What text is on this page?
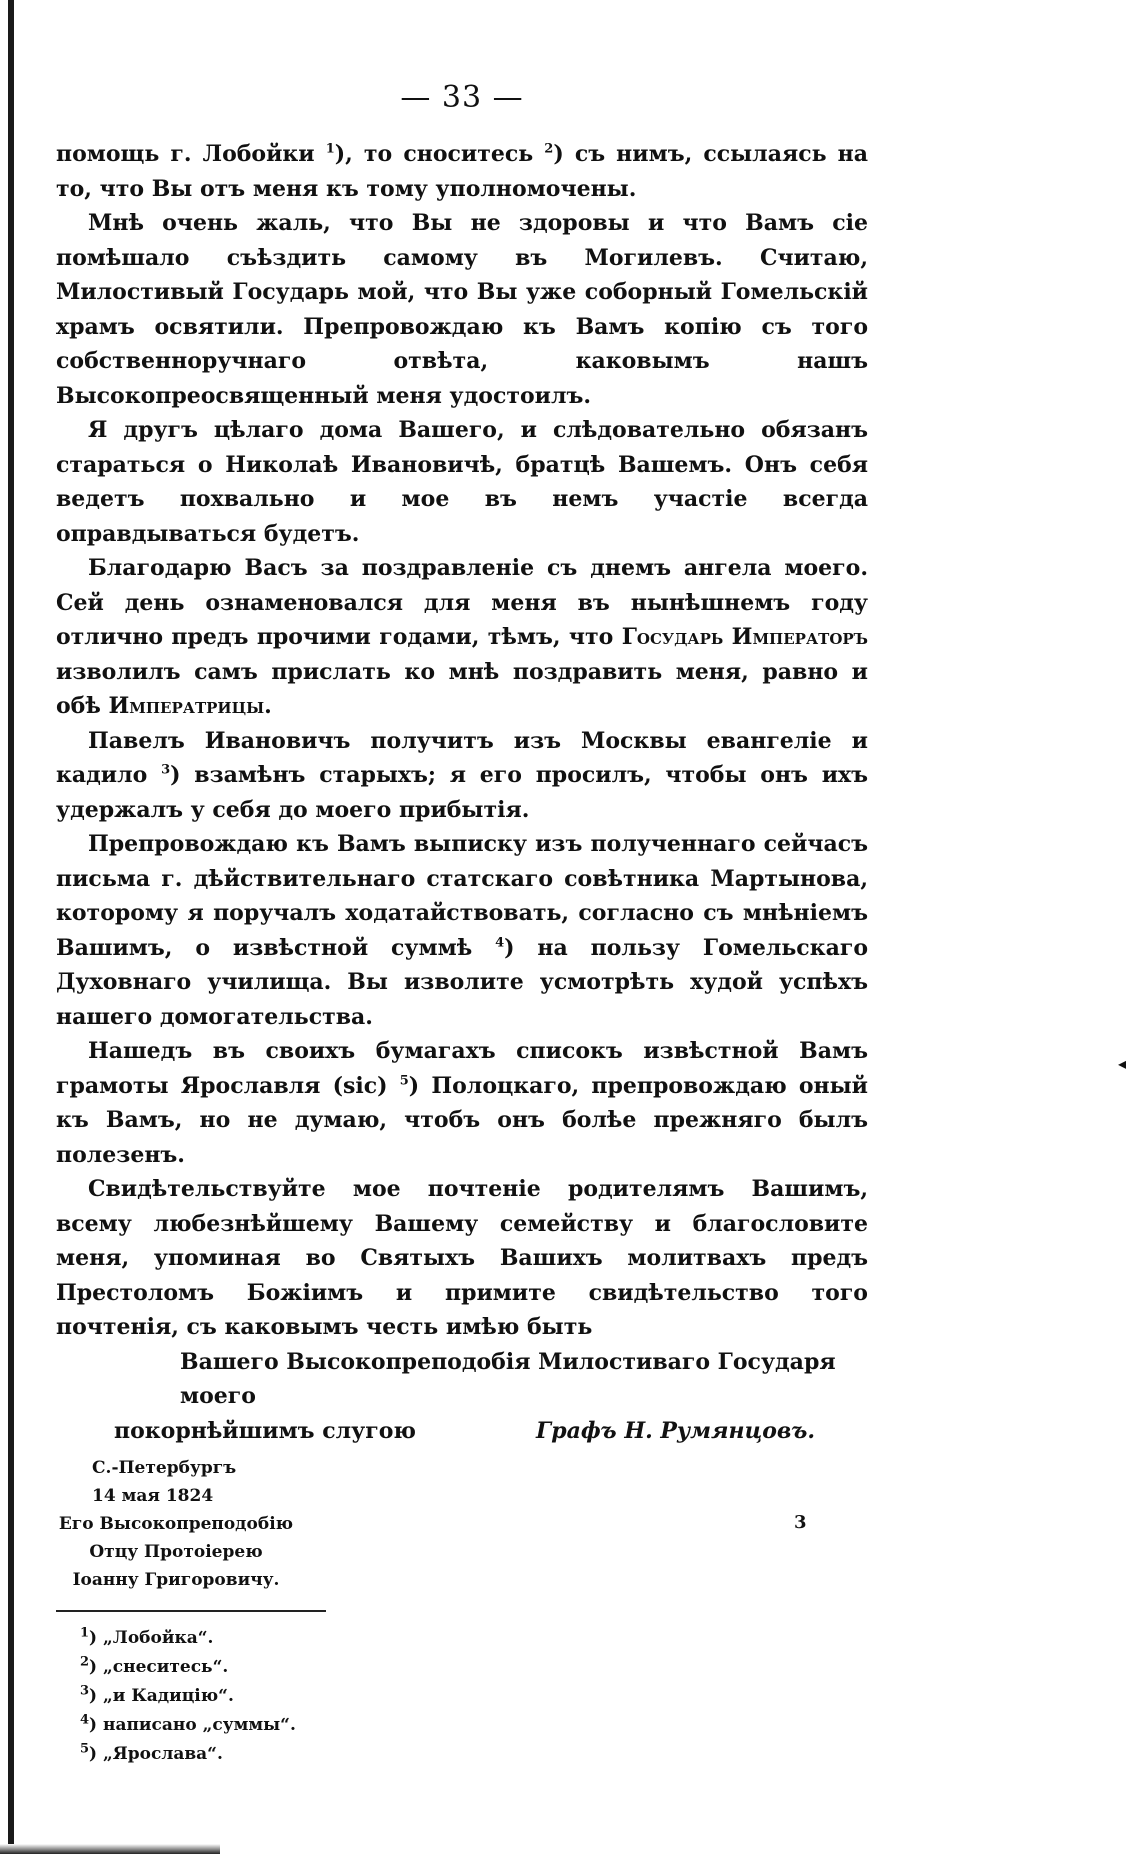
— 33 —

помощь г. Лобойки $^1$), то сноситесь $^2$) съ нимъ, ссылаясь на то, что Вы отъ меня къ тому уполномочены.

Мнѣ очень жаль, что Вы не здоровы и что Вамъ сіе помѣшало съѣздить самому въ Могилевъ. Считаю, Милостивый Государь мой, что Вы уже соборный Гомельскій храмъ освятили. Препровождаю къ Вамъ копію съ того собственноручнаго отвѣта, каковымъ нашъ Высокопреосвященный меня удостоилъ.

Я другъ цѣлаго дома Вашего, и слѣдовательно обязанъ стараться о Николаѣ Ивановичѣ, братцѣ Вашемъ. Онъ себя ведетъ похвально и мое въ немъ участіе всегда оправдываться будетъ.

Благодарю Васъ за поздравленіе съ днемъ ангела моего. Сей день ознаменовался для меня въ нынѣшнемъ году отлично предъ прочими годами, тѣмъ, что Государь Императоръ изволилъ самъ прислать ко мнѣ поздравить меня, равно и обѣ Императрицы.

Павелъ Ивановичъ получитъ изъ Москвы евангеліе и кадило $^3$) взамѣнъ старыхъ; я его просилъ, чтобы онъ ихъ удержалъ у себя до моего прибытія.

Препровождаю къ Вамъ выписку изъ полученнаго сейчасъ письма г. дѣйствительнаго статскаго совѣтника Мартынова, которому я поручалъ ходатайствовать, согласно съ мнѣніемъ Вашимъ, о извѣстной суммѣ $^4$) на пользу Гомельскаго Духовнаго училища. Вы изволите усмотрѣть худой успѣхъ нашего домогательства.

Нашедъ въ своихъ бумагахъ списокъ извѣстной Вамъ грамоты Ярославля (sic) $^5$) Полоцкаго, препровождаю оный къ Вамъ, но не думаю, чтобъ онъ болѣе прежняго былъ полезенъ.

Свидѣтельствуйте мое почтеніе родителямъ Вашимъ, всему любезнѣйшему Вашему семейству и благословите меня, упоминая во Святыхъ Вашихъ молитвахъ предъ Престоломъ Божіимъ и примите свидѣтельство того почтенія, съ каковымъ честь имѣю быть

Вашего Высокопреподобія Милостиваго Государя моего
покорнѣйшимъ слугою	Графъ Н. Румянцовъ.
С.-Петербургъ
14 мая 1824
Его Высокопреподобію
Отцу Протоіерею
Іоанну Григоровичу.
$^1$) „Лобойка“.
$^2$) „снеситесь“.
$^3$) „и Кадицію“.
$^4$) написано „суммы“.
$^5$) „Ярослава“.
3
◂
